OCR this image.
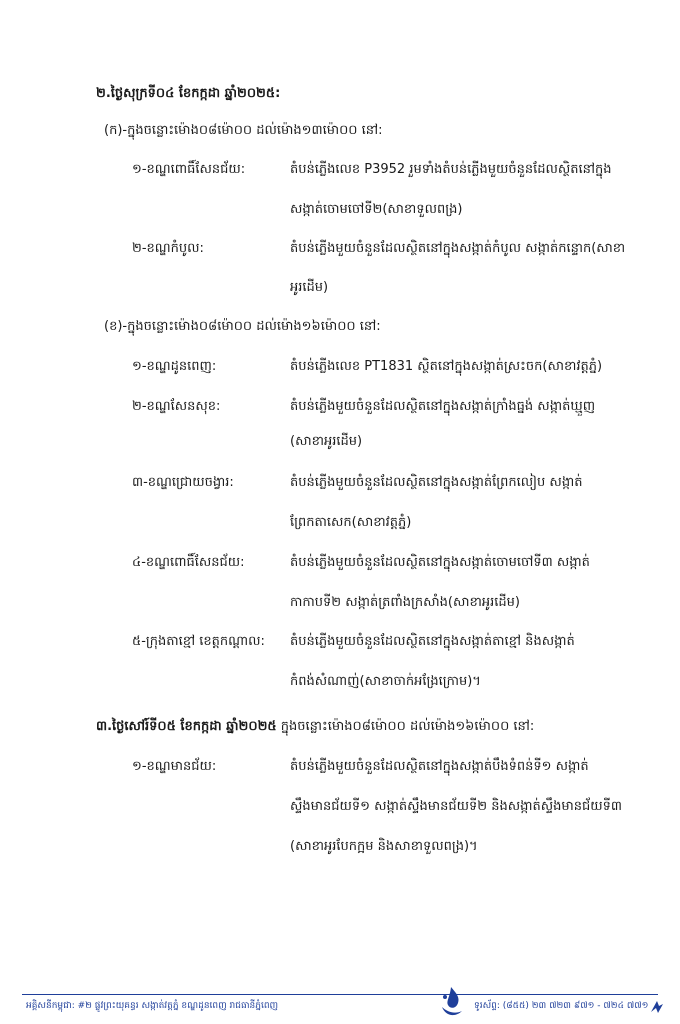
២.ថ្ងៃសុក្រទី០៤ ខែកក្កដា ឆ្នាំ២០២៥:
(ក)-ក្នុងចន្លោះម៉ោង០៨ម៉ោ០០ ដល់ម៉ោង១៣ម៉ោ០០ នៅ:
១-ខណ្ឌពោធិ៍សែនជ័យ:	តំបន់ភ្លើងលេខ P3952 រួមទាំងតំបន់ភ្លើងមួយចំនួនដែលស្ថិតនៅក្នុង
សង្កាត់ចោមចៅទី២(សាខាទួលពង្រ)
២-ខណ្ឌកំបូល:	តំបន់ភ្លើងមួយចំនួនដែលស្ថិតនៅក្នុងសង្កាត់កំបូល សង្កាត់កន្ទោក(សាខា
អូរដើម)
(ខ)-ក្នុងចន្លោះម៉ោង០៨ម៉ោ០០ ដល់ម៉ោង១៦ម៉ោ០០ នៅ:
១-ខណ្ឌដូនពេញ:	តំបន់ភ្លើងលេខ PT1831 ស្ថិតនៅក្នុងសង្កាត់ស្រះចក(សាខាវត្តភ្នំ)
២-ខណ្ឌសែនសុខ:	តំបន់ភ្លើងមួយចំនួនដែលស្ថិតនៅក្នុងសង្កាត់ក្រាំងធ្នង់ សង្កាត់ឃ្មួញ
(សាខាអូរដើម)
៣-ខណ្ឌជ្រោយចង្វារ:	តំបន់ភ្លើងមួយចំនួនដែលស្ថិតនៅក្នុងសង្កាត់ព្រែកលៀប សង្កាត់
ព្រែកតាសេក(សាខាវត្តភ្នំ)
៤-ខណ្ឌពោធិ៍សែនជ័យ:	តំបន់ភ្លើងមួយចំនួនដែលស្ថិតនៅក្នុងសង្កាត់ចោមចៅទី៣ សង្កាត់
កាកាបទី២ សង្កាត់ត្រពាំងក្រសាំង(សាខាអូរដើម)
៥-ក្រុងតាខ្មៅ ខេត្តកណ្ដាល: តំបន់ភ្លើងមួយចំនួនដែលស្ថិតនៅក្នុងសង្កាត់តាខ្មៅ និងសង្កាត់
កំពង់សំណាញ់(សាខាចាក់អង្រែក្រោម)។
៣.ថ្ងៃសៅរ៍ទី០៥ ខែកក្កដា ឆ្នាំ២០២៥ ក្នុងចន្លោះម៉ោង០៨ម៉ោ០០ ដល់ម៉ោង១៦ម៉ោ០០ នៅ:
១-ខណ្ឌមានជ័យ:	តំបន់ភ្លើងមួយចំនួនដែលស្ថិតនៅក្នុងសង្កាត់បឹងទំពន់ទី១ សង្កាត់
ស្ទឹងមានជ័យទី១ សង្កាត់ស្ទឹងមានជ័យទី២ និងសង្កាត់ស្ទឹងមានជ័យទី៣
(សាខាអូរបែកក្អម និងសាខាទួលពង្រ)។
អគ្គិសនីកម្ពុជា: #២ ផ្លូវព្រះយុគន្ធរ សង្កាត់វត្តភ្នំ ខណ្ឌដូនពេញ រាជធានីភ្នំពេញ	ទូរស័ព្ទ: (៨៥៥) ២៣ ៧២៣ ៩៧១ - ៧២៤ ៧៧១
